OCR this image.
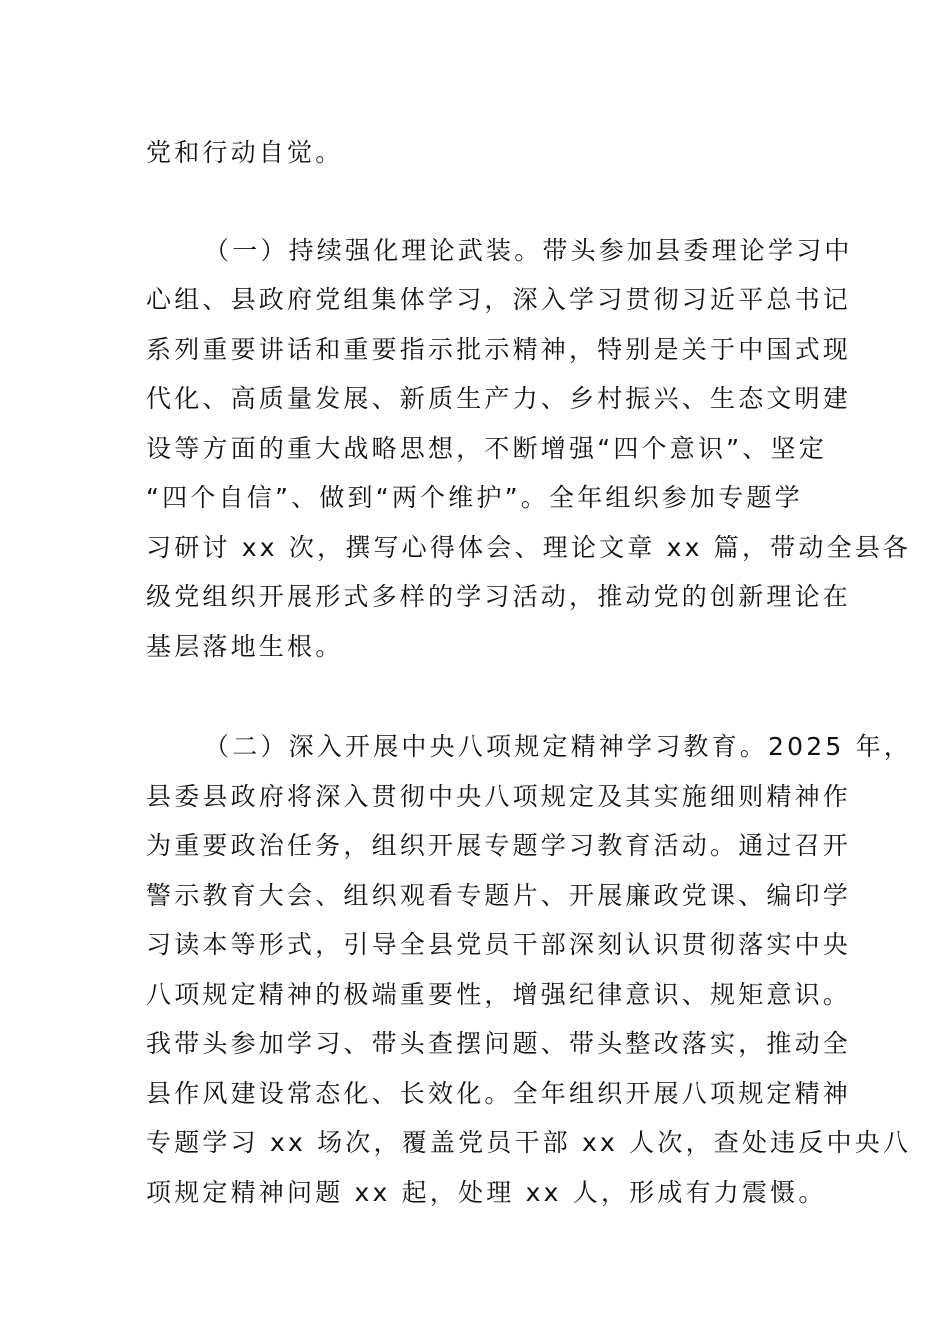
党和行动自觉。
（一）持续强化理论武装。带头参加县委理论学习中
心组、县政府党组集体学习，深入学习贯彻习近平总书记
系列重要讲话和重要指示批示精神，特别是关于中国式现
代化、高质量发展、新质生产力、乡村振兴、生态文明建
设等方面的重大战略思想，不断增强“四个意识”、坚定
“四个自信”、做到“两个维护”。全年组织参加专题学
习研讨 xx 次，撰写心得体会、理论文章 xx 篇，带动全县各
级党组织开展形式多样的学习活动，推动党的创新理论在
基层落地生根。
（二）深入开展中央八项规定精神学习教育。2025 年，
县委县政府将深入贯彻中央八项规定及其实施细则精神作
为重要政治任务，组织开展专题学习教育活动。通过召开
警示教育大会、组织观看专题片、开展廉政党课、编印学
习读本等形式，引导全县党员干部深刻认识贯彻落实中央
八项规定精神的极端重要性，增强纪律意识、规矩意识。
我带头参加学习、带头查摆问题、带头整改落实，推动全
县作风建设常态化、长效化。全年组织开展八项规定精神
专题学习 xx 场次，覆盖党员干部 xx 人次，查处违反中央八
项规定精神问题 xx 起，处理 xx 人，形成有力震慑。
